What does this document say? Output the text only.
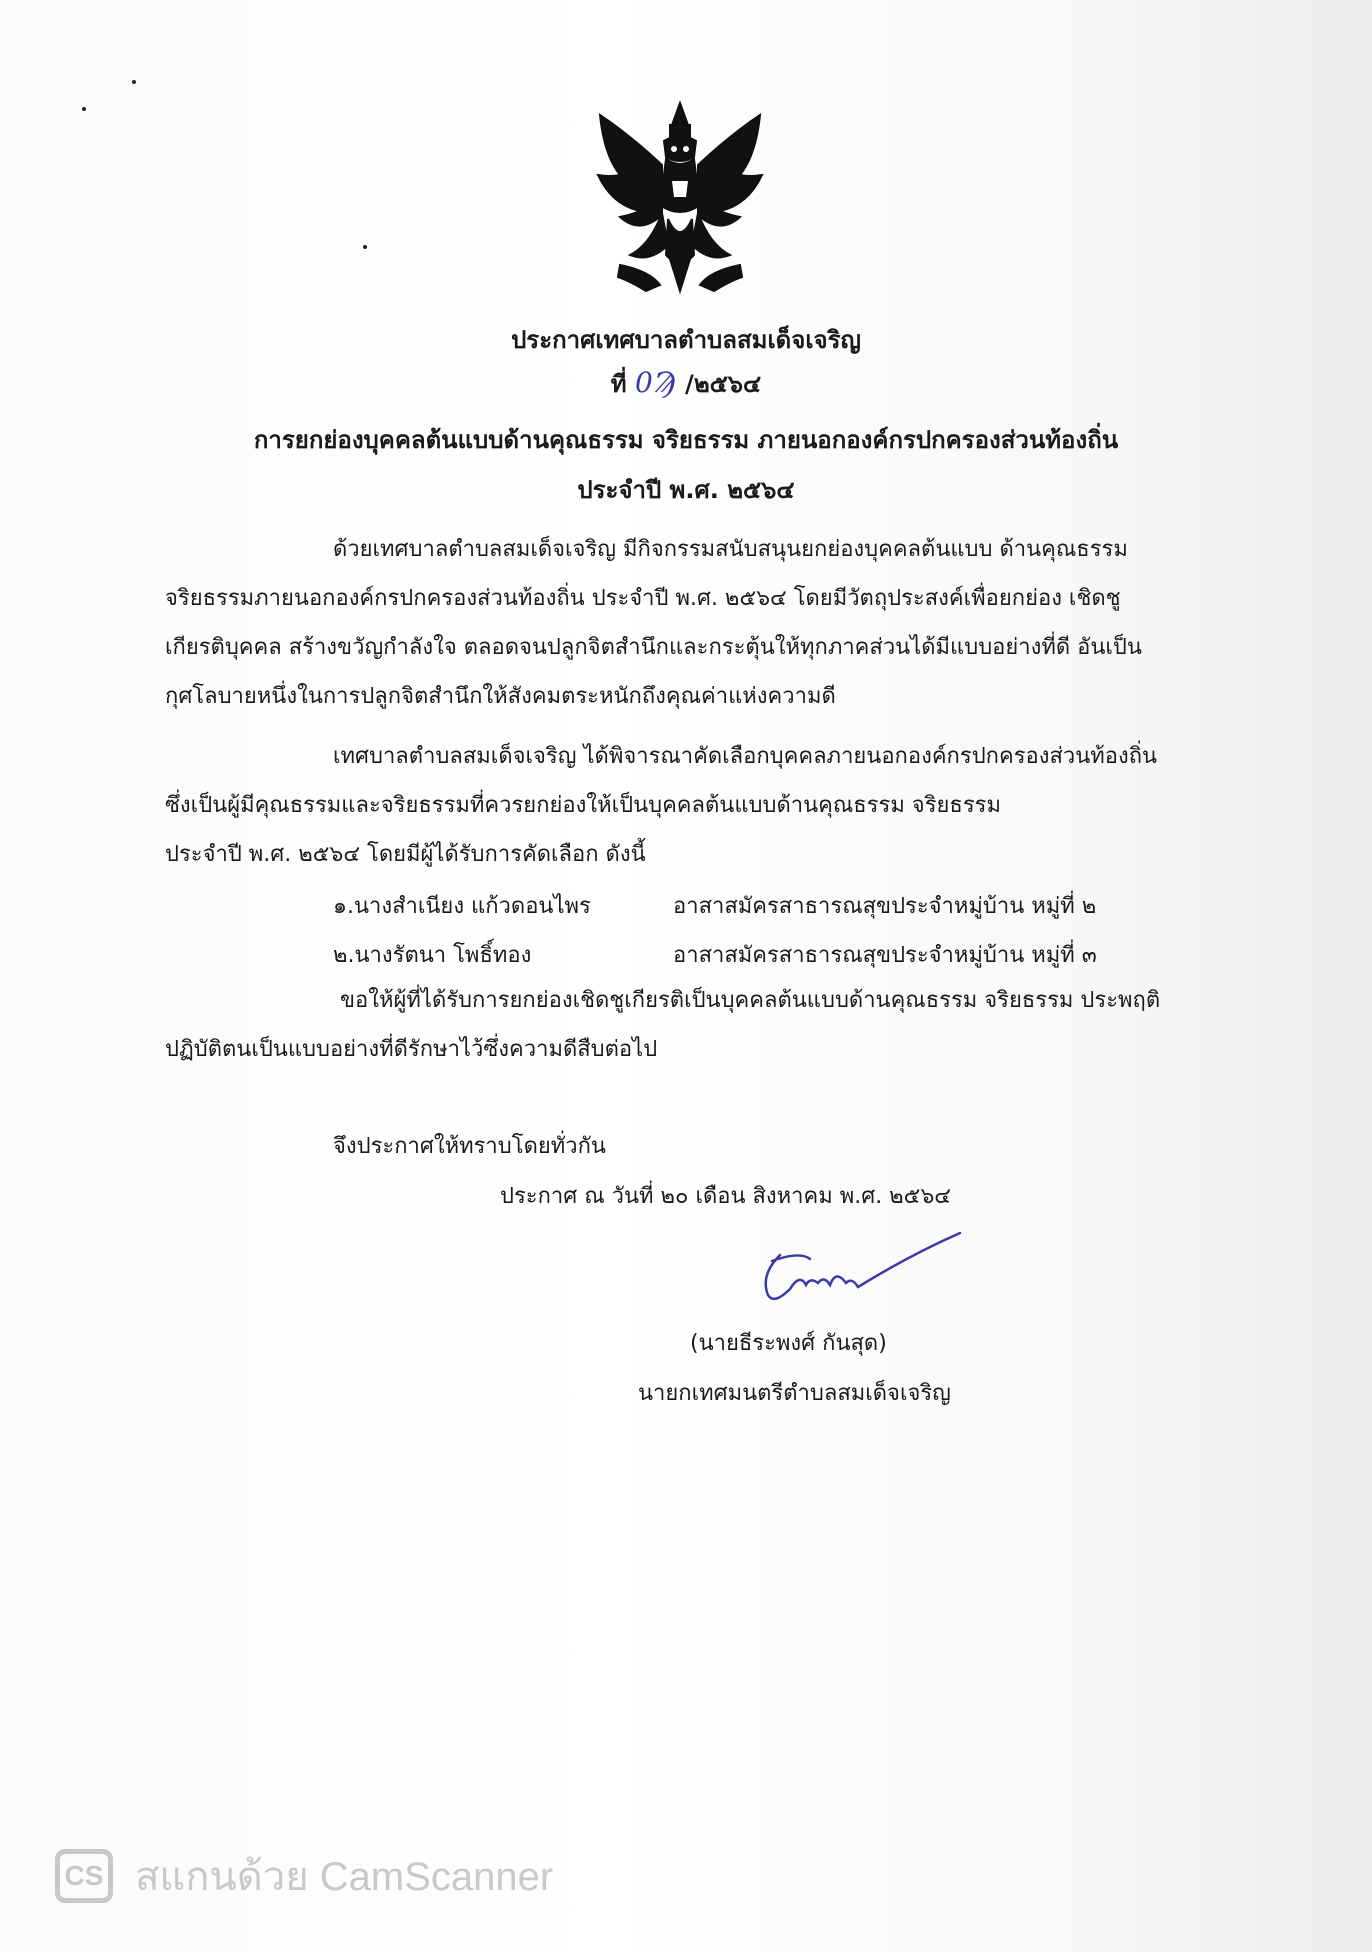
ประกาศเทศบาลตำบลสมเด็จเจริญ
ที่ 0Ϡ /๒๕๖๔
การยกย่องบุคคลต้นแบบด้านคุณธรรม จริยธรรม ภายนอกองค์กรปกครองส่วนท้องถิ่น
ประจำปี พ.ศ. ๒๕๖๔
ด้วยเทศบาลตำบลสมเด็จเจริญ มีกิจกรรมสนับสนุนยกย่องบุคคลต้นแบบ ด้านคุณธรรม
จริยธรรมภายนอกองค์กรปกครองส่วนท้องถิ่น ประจำปี พ.ศ. ๒๕๖๔ โดยมีวัตถุประสงค์เพื่อยกย่อง เชิดชู
เกียรติบุคคล สร้างขวัญกำลังใจ ตลอดจนปลูกจิตสำนึกและกระตุ้นให้ทุกภาคส่วนได้มีแบบอย่างที่ดี อันเป็น
กุศโลบายหนึ่งในการปลูกจิตสำนึกให้สังคมตระหนักถึงคุณค่าแห่งความดี
เทศบาลตำบลสมเด็จเจริญ ได้พิจารณาคัดเลือกบุคคลภายนอกองค์กรปกครองส่วนท้องถิ่น
ซึ่งเป็นผู้มีคุณธรรมและจริยธรรมที่ควรยกย่องให้เป็นบุคคลต้นแบบด้านคุณธรรม จริยธรรม
ประจำปี พ.ศ. ๒๕๖๔ โดยมีผู้ได้รับการคัดเลือก ดังนี้
๑.นางสำเนียง แก้วดอนไพร	อาสาสมัครสาธารณสุขประจำหมู่บ้าน หมู่ที่ ๒
๒.นางรัตนา โพธิ์ทอง	อาสาสมัครสาธารณสุขประจำหมู่บ้าน หมู่ที่ ๓
ขอให้ผู้ที่ได้รับการยกย่องเชิดชูเกียรติเป็นบุคคลต้นแบบด้านคุณธรรม จริยธรรม ประพฤติ
ปฏิบัติตนเป็นแบบอย่างที่ดีรักษาไว้ซึ่งความดีสืบต่อไป
จึงประกาศให้ทราบโดยทั่วกัน
ประกาศ ณ วันที่ ๒๐ เดือน สิงหาคม พ.ศ. ๒๕๖๔
(นายธีระพงศ์ กันสุด)
นายกเทศมนตรีตำบลสมเด็จเจริญ
CS สแกนด้วย CamScanner
